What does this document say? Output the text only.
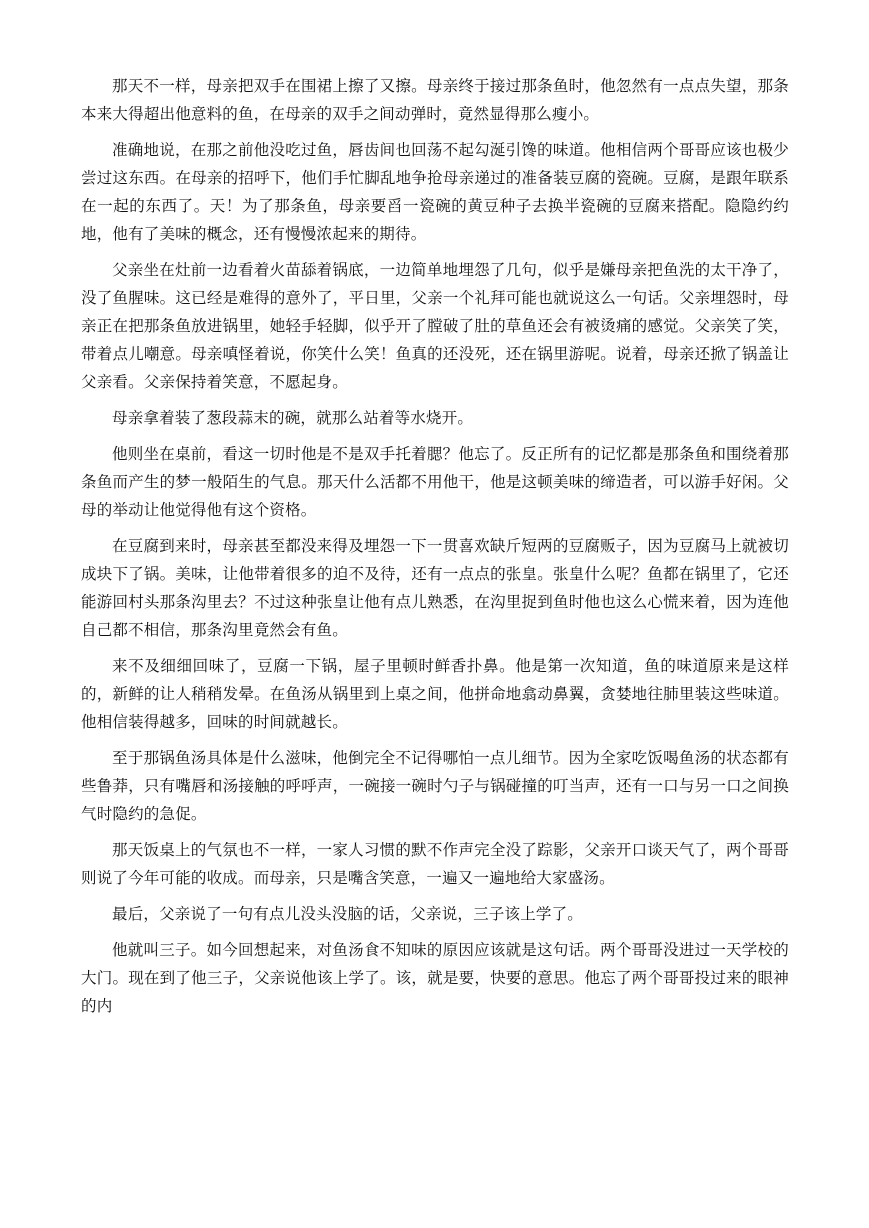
那天不一样，母亲把双手在围裙上擦了又擦。母亲终于接过那条鱼时，他忽然有一点点失望，那条本来大得超出他意料的鱼，在母亲的双手之间动弹时，竟然显得那么瘦小。

准确地说，在那之前他没吃过鱼，唇齿间也回荡不起勾涎引馋的味道。他相信两个哥哥应该也极少尝过这东西。在母亲的招呼下，他们手忙脚乱地争抢母亲递过的准备装豆腐的瓷碗。豆腐，是跟年联系在一起的东西了。天！为了那条鱼，母亲要舀一瓷碗的黄豆种子去换半瓷碗的豆腐来搭配。隐隐约约地，他有了美味的概念，还有慢慢浓起来的期待。

父亲坐在灶前一边看着火苗舔着锅底，一边简单地埋怨了几句，似乎是嫌母亲把鱼洗的太干净了，没了鱼腥味。这已经是难得的意外了，平日里，父亲一个礼拜可能也就说这么一句话。父亲埋怨时，母亲正在把那条鱼放进锅里，她轻手轻脚，似乎开了膛破了肚的草鱼还会有被烫痛的感觉。父亲笑了笑，带着点儿嘲意。母亲嗔怪着说，你笑什么笑！鱼真的还没死，还在锅里游呢。说着，母亲还掀了锅盖让父亲看。父亲保持着笑意，不愿起身。

母亲拿着装了葱段蒜末的碗，就那么站着等水烧开。

他则坐在桌前，看这一切时他是不是双手托着腮？他忘了。反正所有的记忆都是那条鱼和围绕着那条鱼而产生的梦一般陌生的气息。那天什么活都不用他干，他是这顿美味的缔造者，可以游手好闲。父母的举动让他觉得他有这个资格。

在豆腐到来时，母亲甚至都没来得及埋怨一下一贯喜欢缺斤短两的豆腐贩子，因为豆腐马上就被切成块下了锅。美味，让他带着很多的迫不及待，还有一点点的张皇。张皇什么呢？鱼都在锅里了，它还能游回村头那条沟里去？不过这种张皇让他有点儿熟悉，在沟里捉到鱼时他也这么心慌来着，因为连他自己都不相信，那条沟里竟然会有鱼。

来不及细细回味了，豆腐一下锅，屋子里顿时鲜香扑鼻。他是第一次知道，鱼的味道原来是这样的，新鲜的让人稍稍发晕。在鱼汤从锅里到上桌之间，他拼命地翕动鼻翼，贪婪地往肺里装这些味道。他相信装得越多，回味的时间就越长。

至于那锅鱼汤具体是什么滋味，他倒完全不记得哪怕一点儿细节。因为全家吃饭喝鱼汤的状态都有些鲁莽，只有嘴唇和汤接触的呼呼声，一碗接一碗时勺子与锅碰撞的叮当声，还有一口与另一口之间换气时隐约的急促。

那天饭桌上的气氛也不一样，一家人习惯的默不作声完全没了踪影，父亲开口谈天气了，两个哥哥则说了今年可能的收成。而母亲，只是嘴含笑意，一遍又一遍地给大家盛汤。

最后，父亲说了一句有点儿没头没脑的话，父亲说，三子该上学了。

他就叫三子。如今回想起来，对鱼汤食不知味的原因应该就是这句话。两个哥哥没进过一天学校的大门。现在到了他三子，父亲说他该上学了。该，就是要，快要的意思。他忘了两个哥哥投过来的眼神的内
